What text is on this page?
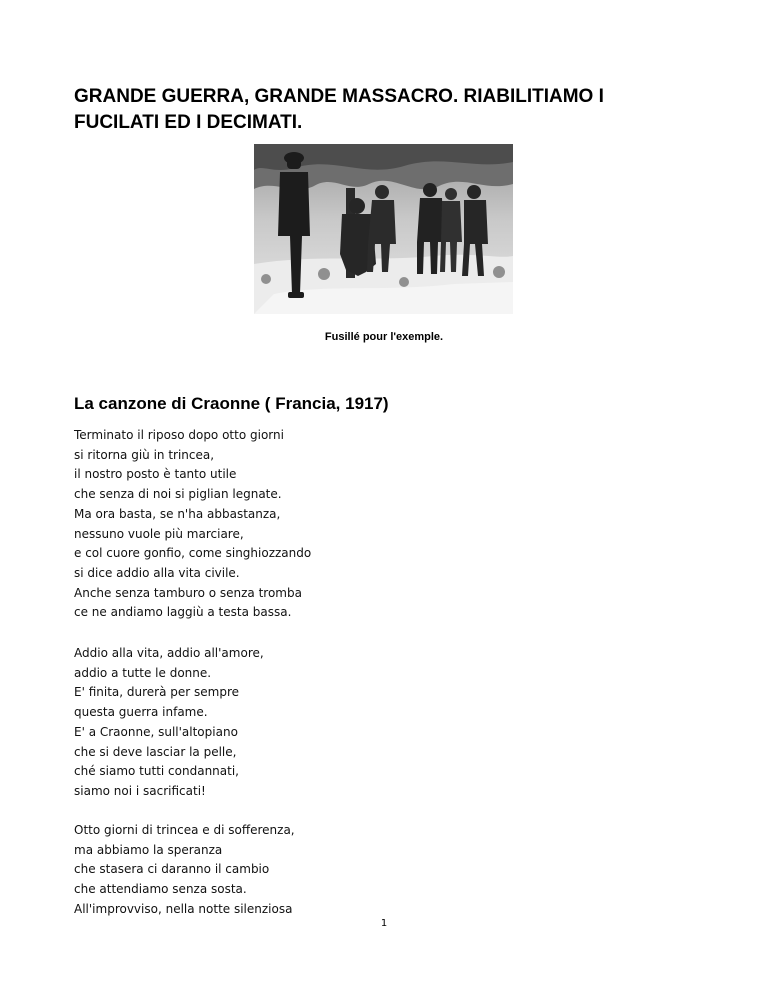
GRANDE GUERRA, GRANDE MASSACRO. RIABILITIAMO I FUCILATI ED I DECIMATI.
Fusillé pour l'exemple.
La canzone di Craonne ( Francia, 1917)
Terminato il riposo dopo otto giorni
si ritorna giù in trincea,
il nostro posto è tanto utile
che senza di noi si piglian legnate.
Ma ora basta, se n'ha abbastanza,
nessuno vuole più marciare,
e col cuore gonfio, come singhiozzando
si dice addio alla vita civile.
Anche senza tamburo o senza tromba
ce ne andiamo laggiù a testa bassa.
Addio alla vita, addio all'amore,
addio a tutte le donne.
E' finita, durerà per sempre
questa guerra infame.
E' a Craonne, sull'altopiano
che si deve lasciar la pelle,
ché siamo tutti condannati,
siamo noi i sacrificati!
Otto giorni di trincea e di sofferenza,
ma abbiamo la speranza
che stasera ci daranno il cambio
che attendiamo senza sosta.
All'improvviso, nella notte silenziosa
1
